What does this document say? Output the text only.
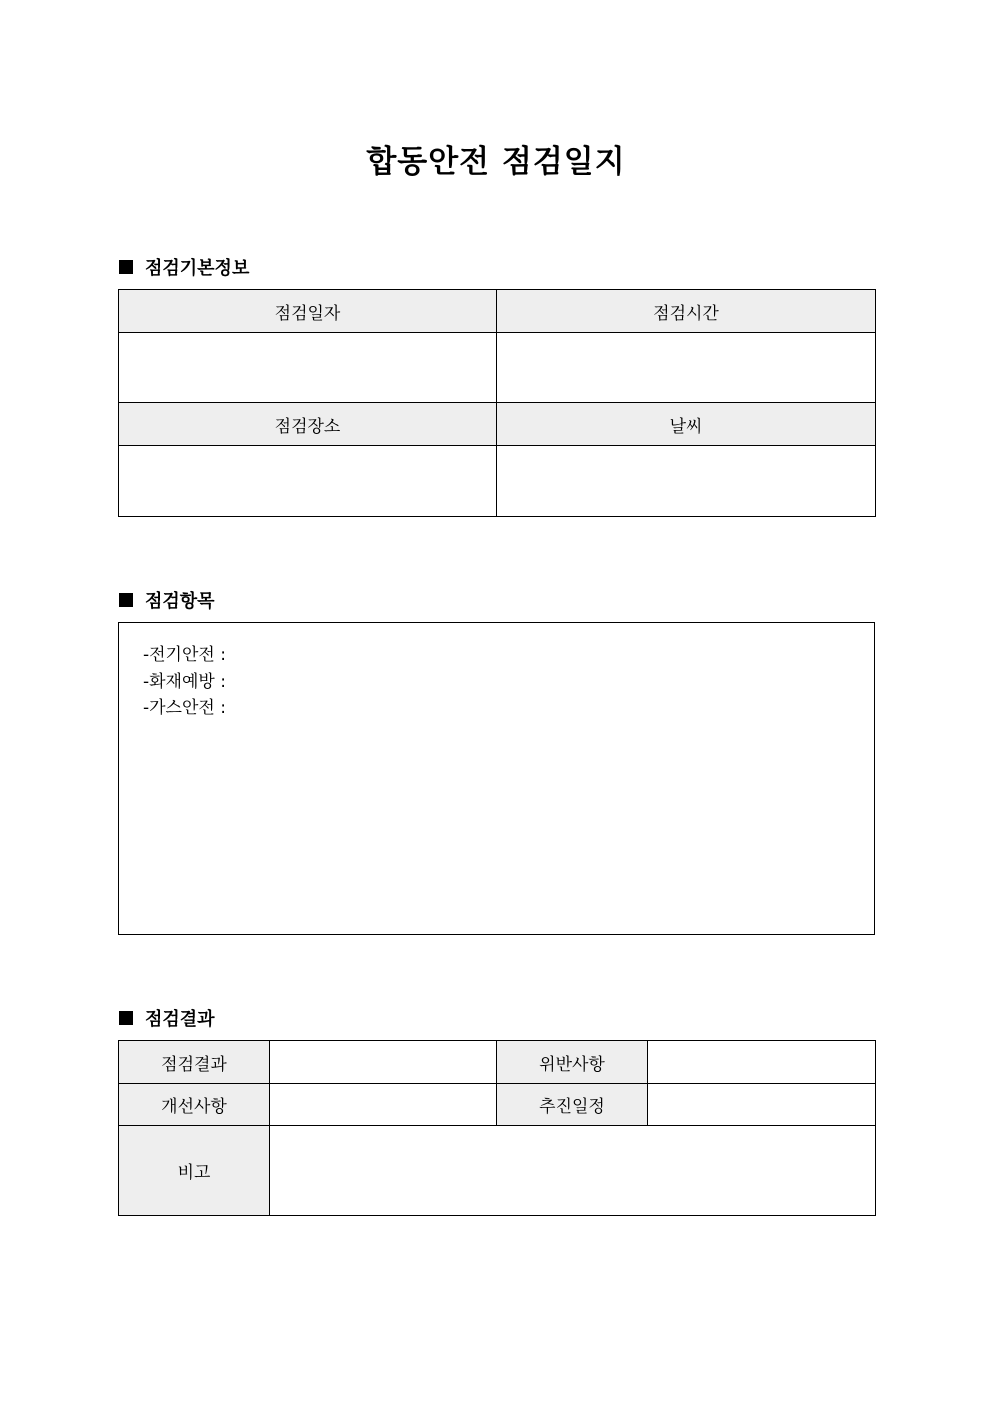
합동안전 점검일지
점검기본정보
점검일자	점검시간

점검장소	날씨

점검항목
-전기안전 :
-화재예방 :
-가스안전 :
점검결과
점검결과		위반사항	
개선사항		추진일정	
비고			
